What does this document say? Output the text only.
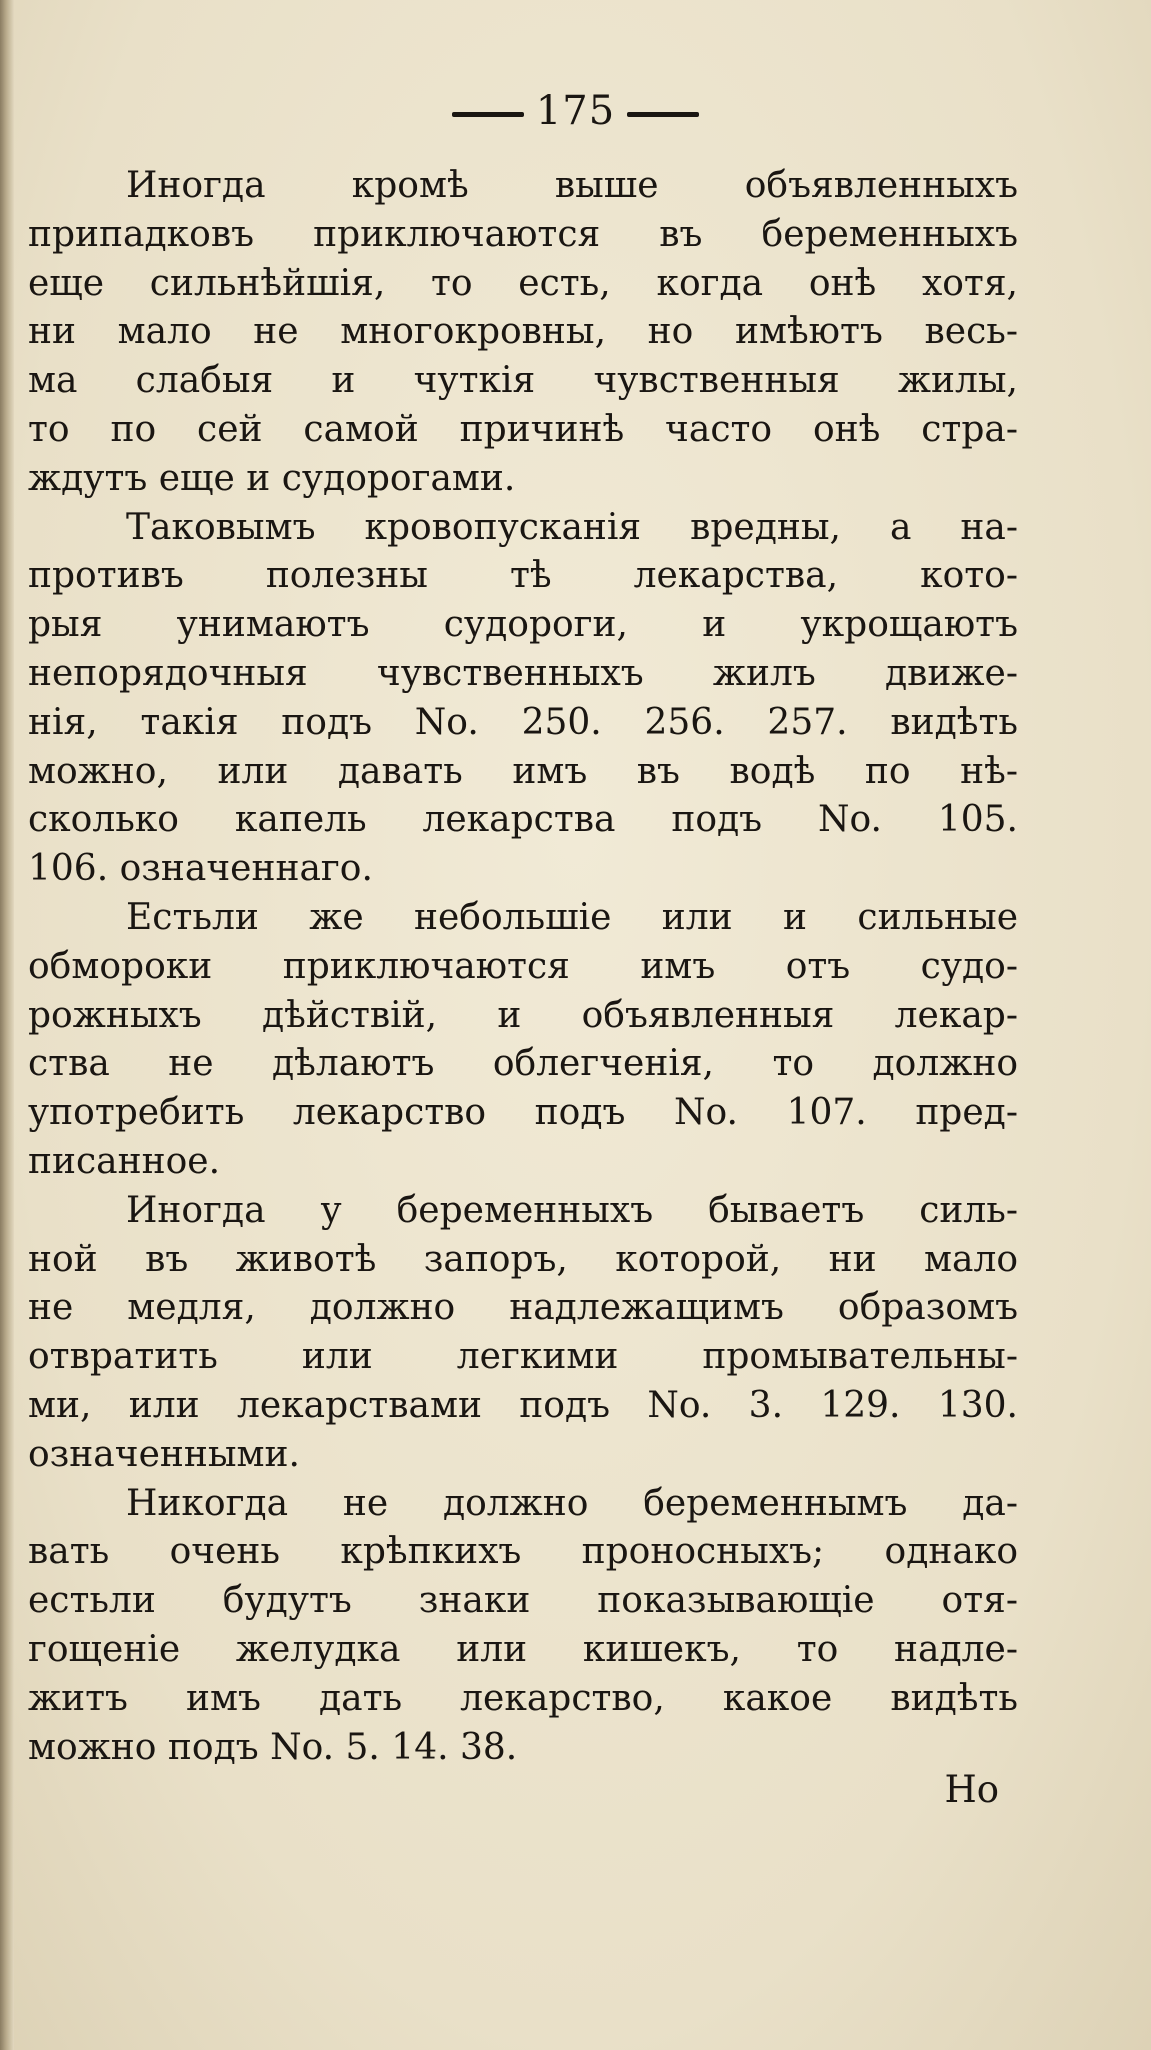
175
Иногда кромѣ выше объявленныхъ
припадковъ приключаются въ беременныхъ
еще сильнѣйшія, то есть, когда онѣ хотя,
ни мало не многокровны, но имѣютъ весь-
ма слабыя и чуткія чувственныя жилы,
то по сей самой причинѣ часто онѣ стра-
ждутъ еще и судорогами.
Таковымъ кровопусканія вредны, а на-
противъ полезны тѣ лекарства, кото-
рыя унимаютъ судороги, и укрощаютъ
непорядочныя чувственныхъ жилъ движе-
нія, такія подъ No. 250. 256. 257. видѣть
можно, или давать имъ въ водѣ по нѣ-
сколько капель лекарства подъ No. 105.
106. означеннаго.
Естьли же небольшіе или и сильные
обмороки приключаются имъ отъ судо-
рожныхъ дѣйствій, и объявленныя лекар-
ства не дѣлаютъ облегченія, то должно
употребить лекарство подъ No. 107. пред-
писанное.
Иногда у беременныхъ бываетъ силь-
ной въ животѣ запоръ, которой, ни мало
не медля, должно надлежащимъ образомъ
отвратить или легкими промывательны-
ми, или лекарствами подъ No. 3. 129. 130.
означенными.
Никогда не должно беременнымъ да-
вать очень крѣпкихъ проносныхъ; однако
естьли будутъ знаки показывающіе отя-
гощеніе желудка или кишекъ, то надле-
житъ имъ дать лекарство, какое видѣть
можно подъ No. 5. 14. 38.
Но
